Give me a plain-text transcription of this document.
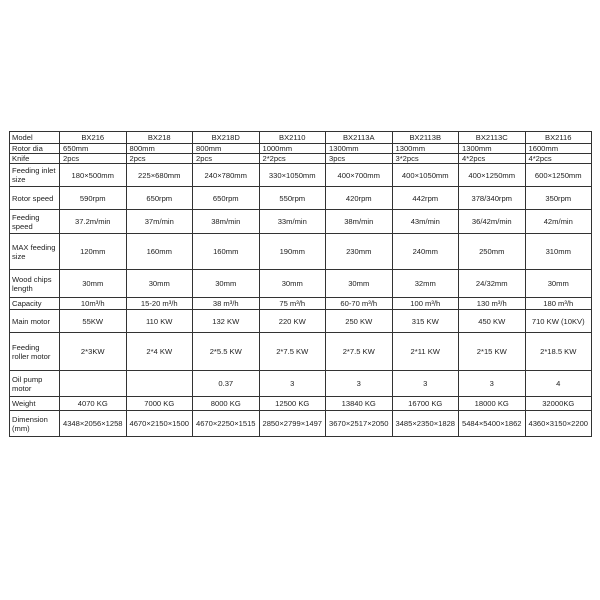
Model	BX216	BX218	BX218D	BX2110	BX2113A	BX2113B	BX2113C	BX2116
Rotor dia	650mm	800mm	800mm	1000mm	1300mm	1300mm	1300mm	1600mm
Knife	2pcs	2pcs	2pcs	2*2pcs	3pcs	3*2pcs	4*2pcs	4*2pcs
Feeding inlet size	180×500mm	225×680mm	240×780mm	330×1050mm	400×700mm	400×1050mm	400×1250mm	600×1250mm
Rotor speed	590rpm	650rpm	650rpm	550rpm	420rpm	442rpm	378/340rpm	350rpm
Feeding speed	37.2m/min	37m/min	38m/min	33m/min	38m/min	43m/min	36/42m/min	42m/min
MAX feeding size	120mm	160mm	160mm	190mm	230mm	240mm	250mm	310mm
Wood chips length	30mm	30mm	30mm	30mm	30mm	32mm	24/32mm	30mm
Capacity	10m³/h	15-20 m³/h	38 m³/h	75 m³/h	60-70 m³/h	100 m³/h	130 m³/h	180 m³/h
Main motor	55KW	110 KW	132 KW	220 KW	250 KW	315 KW	450 KW	710 KW (10KV)
Feeding roller motor	2*3KW	2*4 KW	2*5.5 KW	2*7.5 KW	2*7.5 KW	2*11 KW	2*15 KW	2*18.5 KW
Oil pump motor			0.37	3	3	3	3	4
Weight	4070 KG	7000 KG	8000 KG	12500 KG	13840 KG	16700 KG	18000 KG	32000KG
Dimension (mm)	4348×2056×1258	4670×2150×1500	4670×2250×1515	2850×2799×1497	3670×2517×2050	3485×2350×1828	5484×5400×1862	4360×3150×2200
